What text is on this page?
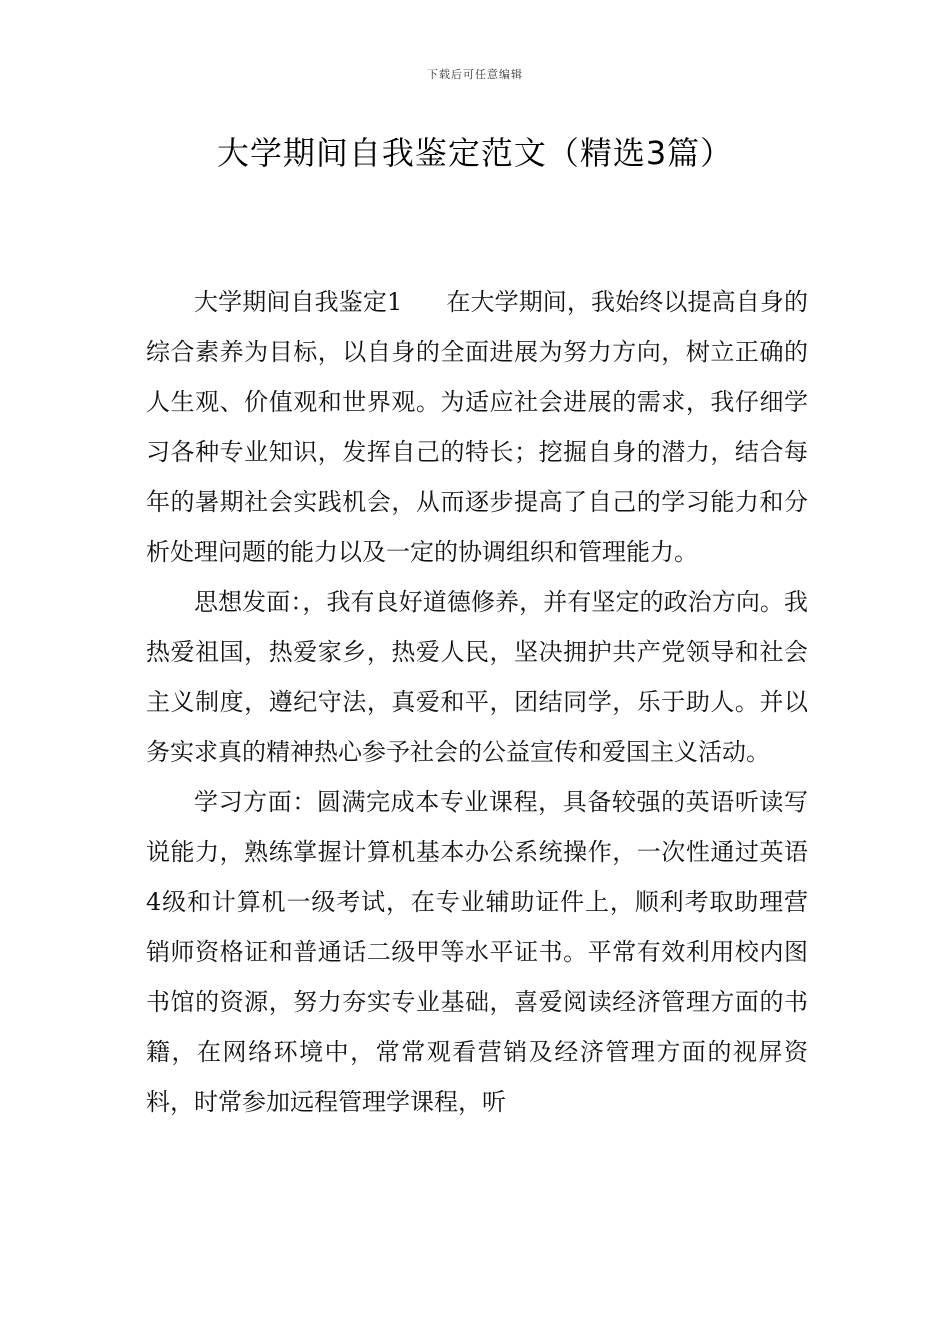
下载后可任意编辑
大学期间自我鉴定范文（精选3篇）

大学期间自我鉴定1 在大学期间，我始终以提高自身的综合素养为目标，以自身的全面进展为努力方向，树立正确的人生观、价值观和世界观。为适应社会进展的需求，我仔细学习各种专业知识，发挥自己的特长；挖掘自身的潜力，结合每年的暑期社会实践机会，从而逐步提高了自己的学习能力和分析处理问题的能力以及一定的协调组织和管理能力。

思想发面：，我有良好道德修养，并有坚定的政治方向。我热爱祖国，热爱家乡，热爱人民，坚决拥护共产党领导和社会主义制度，遵纪守法，真爱和平，团结同学，乐于助人。并以务实求真的精神热心参予社会的公益宣传和爱国主义活动。

学习方面：圆满完成本专业课程，具备较强的英语听读写说能力，熟练掌握计算机基本办公系统操作，一次性通过英语4级和计算机一级考试，在专业辅助证件上，顺利考取助理营销师资格证和普通话二级甲等水平证书。平常有效利用校内图书馆的资源，努力夯实专业基础，喜爱阅读经济管理方面的书籍，在网络环境中，常常观看营销及经济管理方面的视屏资料，时常参加远程管理学课程，听
